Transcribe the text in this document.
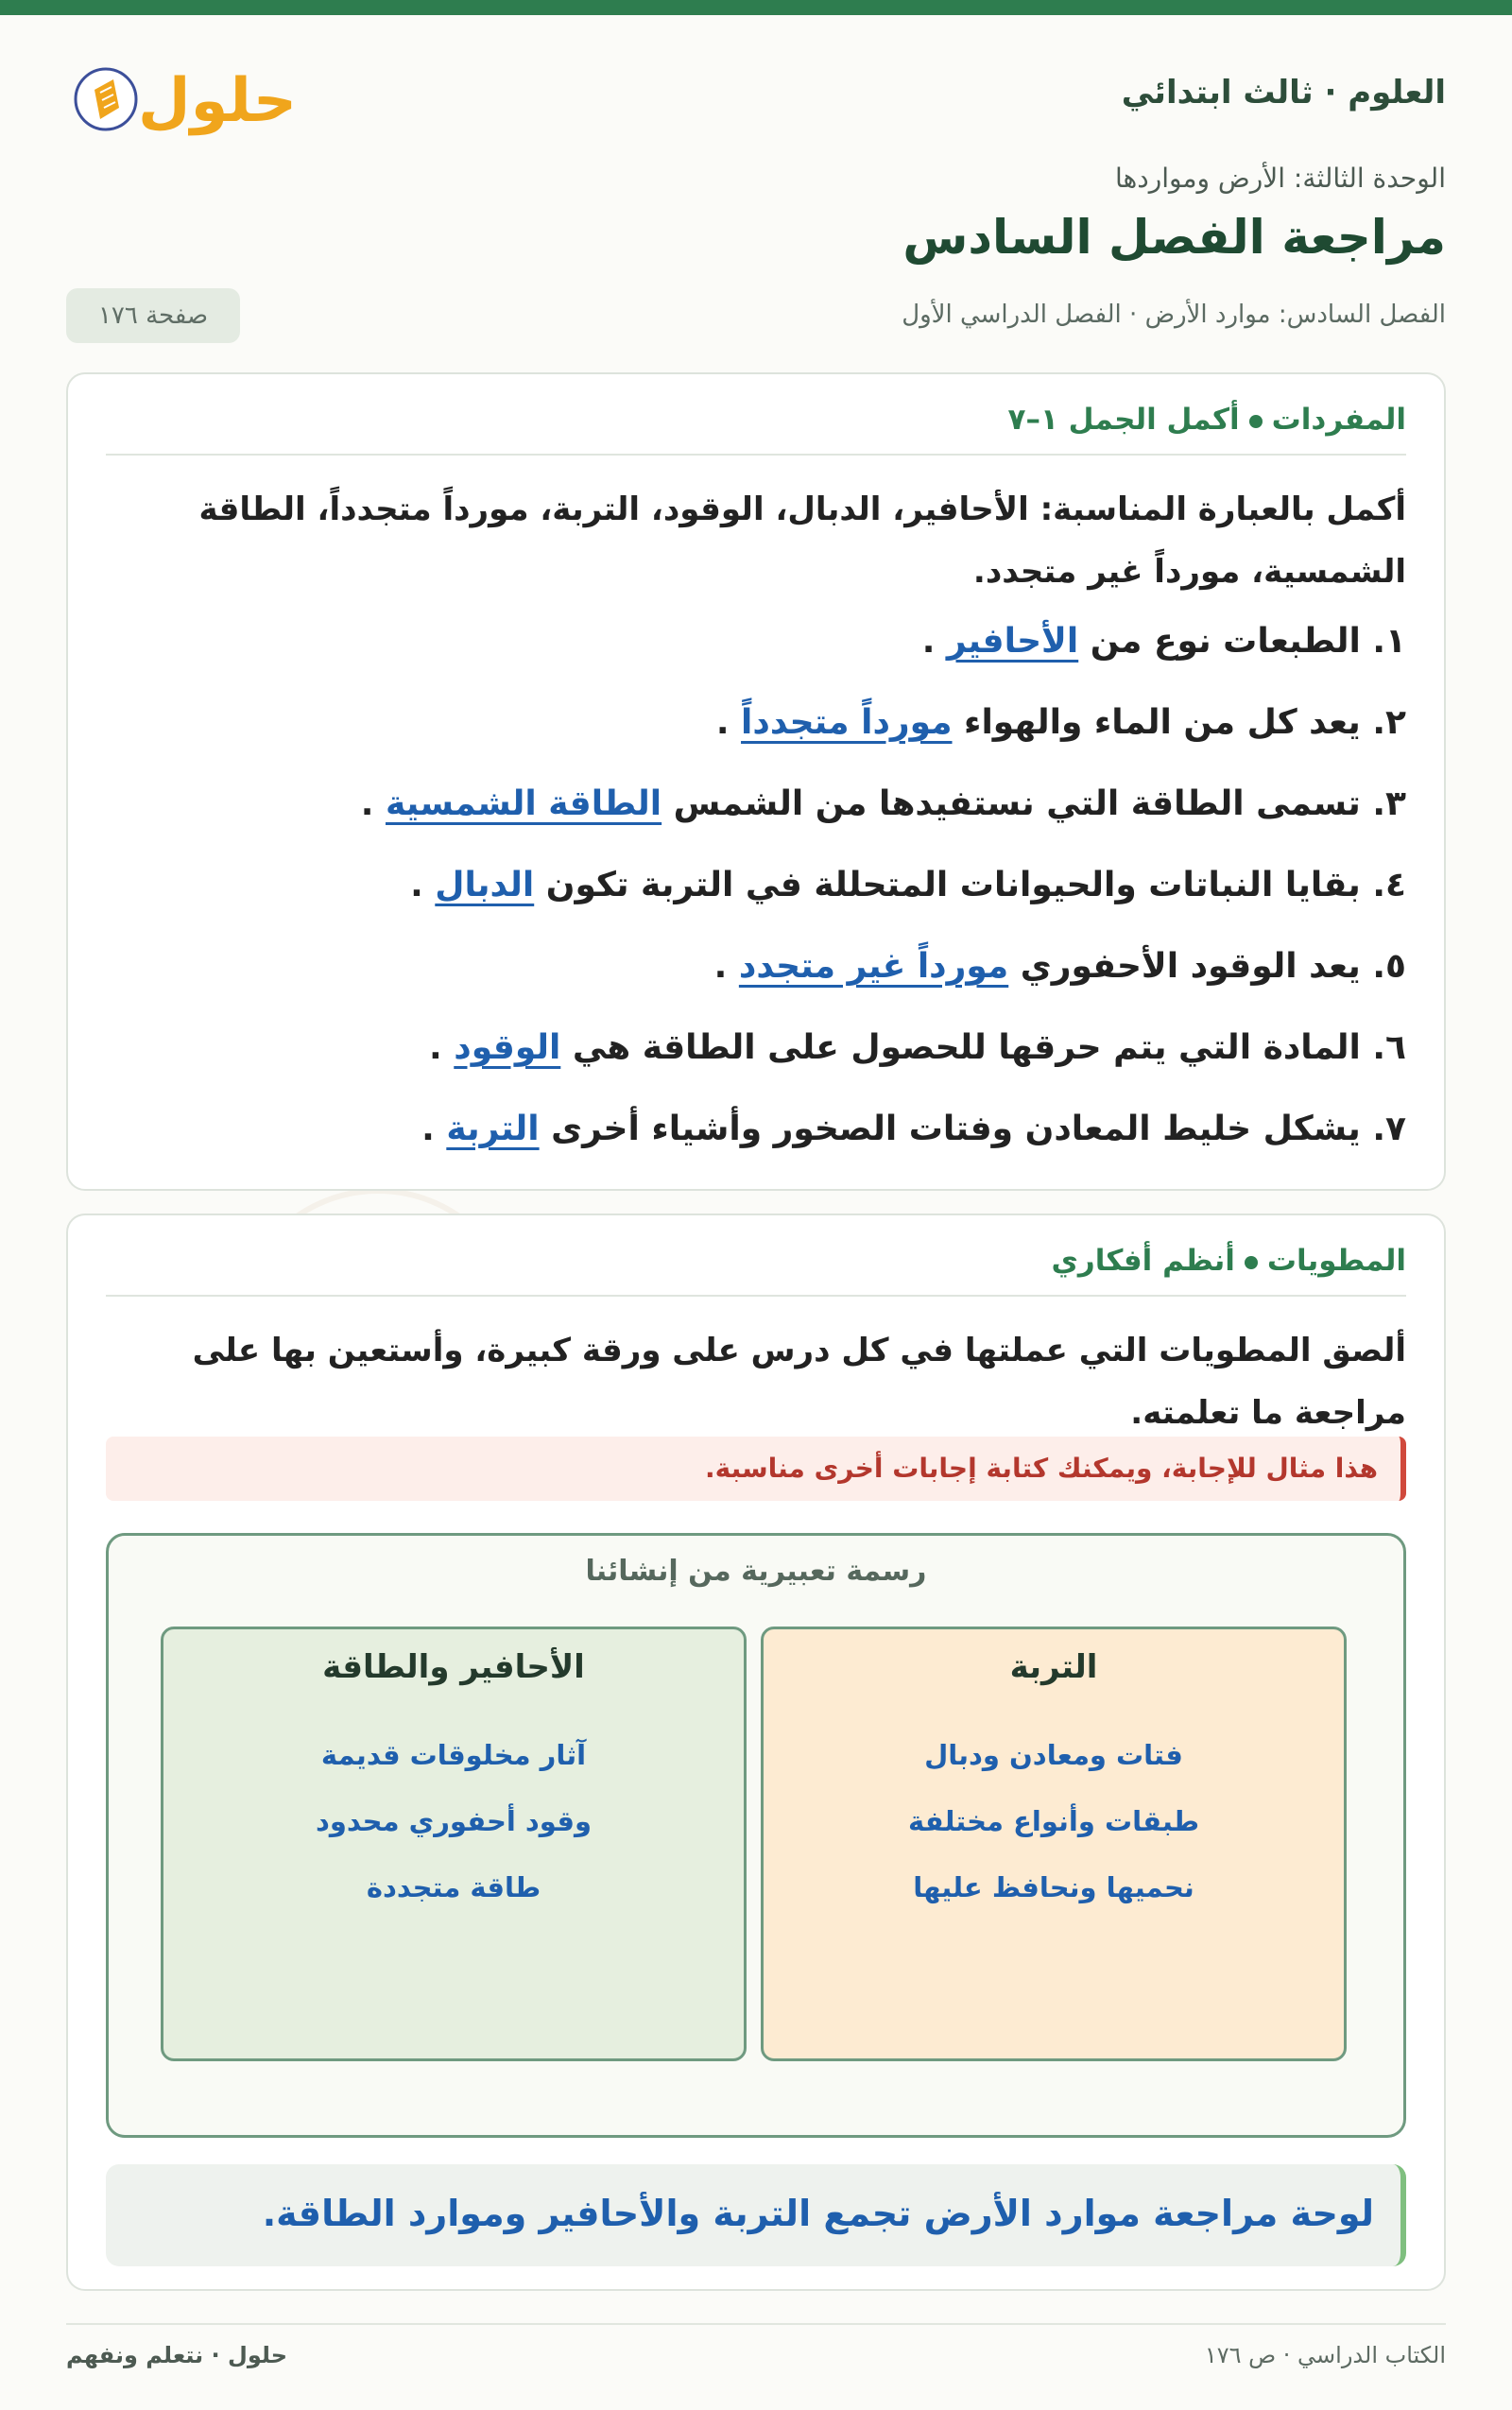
العلوم · ثالث ابتدائي
حلول
الوحدة الثالثة: الأرض ومواردها
مراجعة الفصل السادس
الفصل السادس: موارد الأرض · الفصل الدراسي الأول
صفحة ١٧٦
المفرداتأكمل الجمل ١–٧
أكمل بالعبارة المناسبة: الأحافير، الدبال، الوقود، التربة، مورداً متجدداً، الطاقة الشمسية، مورداً غير متجدد.
١. الطبعات نوع من الأحافير .
٢. يعد كل من الماء والهواء مورداً متجدداً .
٣. تسمى الطاقة التي نستفيدها من الشمس الطاقة الشمسية .
٤. بقايا النباتات والحيوانات المتحللة في التربة تكون الدبال .
٥. يعد الوقود الأحفوري مورداً غير متجدد .
٦. المادة التي يتم حرقها للحصول على الطاقة هي الوقود .
٧. يشكل خليط المعادن وفتات الصخور وأشياء أخرى التربة .
المطوياتأنظم أفكاري
ألصق المطويات التي عملتها في كل درس على ورقة كبيرة، وأستعين بها على مراجعة ما تعلمته.
هذا مثال للإجابة، ويمكنك كتابة إجابات أخرى مناسبة.
رسمة تعبيرية من إنشائنا
التربة
فتات ومعادن ودبال
طبقات وأنواع مختلفة
نحميها ونحافظ عليها
الأحافير والطاقة
آثار مخلوقات قديمة
وقود أحفوري محدود
طاقة متجددة
لوحة مراجعة موارد الأرض تجمع التربة والأحافير وموارد الطاقة.
الكتاب الدراسي · ص ١٧٦
حلول · نتعلم ونفهم
